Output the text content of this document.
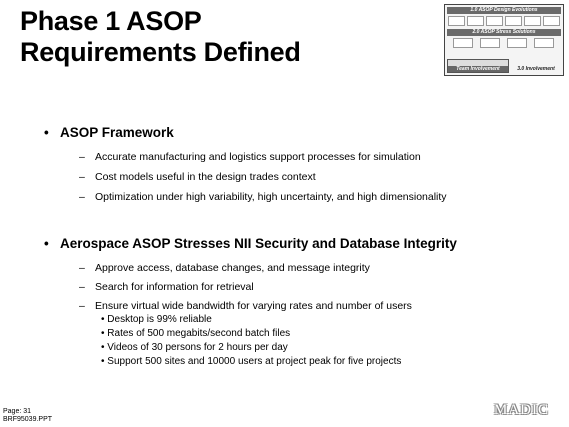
Phase 1 ASOP
Requirements Defined
1.0 ASOP Design Evolutions
2.0 ASOP Stress Solutions
Team Involvement	3.0 Involvement
• ASOP Framework
– Accurate manufacturing and logistics support processes for simulation
– Cost models useful in the design trades context
– Optimization under high variability, high uncertainty, and high dimensionality
• Aerospace ASOP Stresses NII Security and Database Integrity
– Approve access, database changes, and message integrity
– Search for information for retrieval
– Ensure virtual wide bandwidth for varying rates and number of users
• Desktop is 99% reliable
• Rates of 500 megabits/second batch files
• Videos of 30 persons for 2 hours per day
• Support 500 sites and 10000 users at project peak for five projects
Page: 31
BRF95039.PPT
MADIC
